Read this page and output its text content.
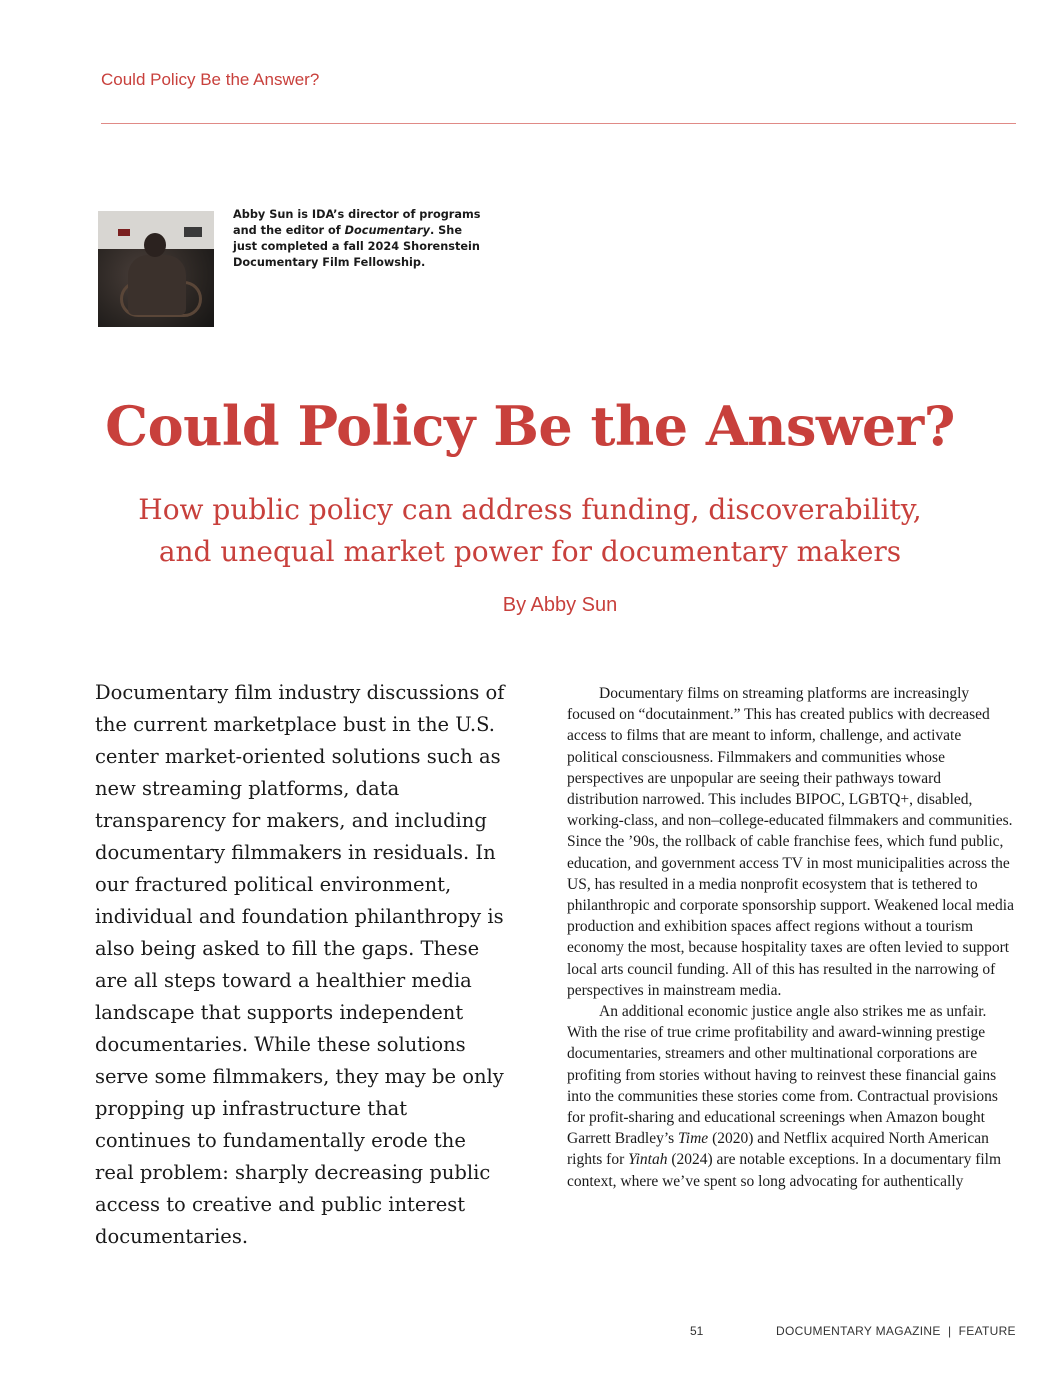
Could Policy Be the Answer?
Abby Sun is IDA’s director of programs and the editor of Documentary. She just completed a fall 2024 Shorenstein Documentary Film Fellowship.
Could Policy Be the Answer?
How public policy can address funding, discoverability,
and unequal market power for documentary makers
By Abby Sun
Documentary film industry discussions of the current marketplace bust in the U.S. center market-oriented solutions such as new streaming platforms, data transparency for makers, and including documentary filmmakers in residuals. In our fractured political environment, individual and foundation philanthropy is also being asked to fill the gaps. These are all steps toward a healthier media landscape that supports independent documentaries. While these solutions serve some filmmakers, they may be only propping up infrastructure that continues to fundamentally erode the real problem: sharply decreasing public access to creative and public interest documentaries.

Documentary films on streaming platforms are increasingly focused on “docutainment.” This has created publics with decreased access to films that are meant to inform, challenge, and activate political consciousness. Filmmakers and communities whose perspectives are unpopular are seeing their pathways toward distribution narrowed. This includes BIPOC, LGBTQ+, disabled, working-class, and non–college-educated filmmakers and communities. Since the ’90s, the rollback of cable franchise fees, which fund public, education, and government access TV in most municipalities across the US, has resulted in a media nonprofit ecosystem that is tethered to philanthropic and corporate sponsorship support. Weakened local media production and exhibition spaces affect regions without a tourism economy the most, because hospitality taxes are often levied to support local arts council funding. All of this has resulted in the narrowing of perspectives in mainstream media.

An additional economic justice angle also strikes me as unfair. With the rise of true crime profitability and award-winning prestige documentaries, streamers and other multinational corporations are profiting from stories without having to reinvest these financial gains into the communities these stories come from. Contractual provisions for profit-sharing and educational screenings when Amazon bought Garrett Bradley’s Time (2020) and Netflix acquired North American rights for Yintah (2024) are notable exceptions. In a documentary film context, where we’ve spent so long advocating for authentically

51	DOCUMENTARY MAGAZINE  |  FEATURE
